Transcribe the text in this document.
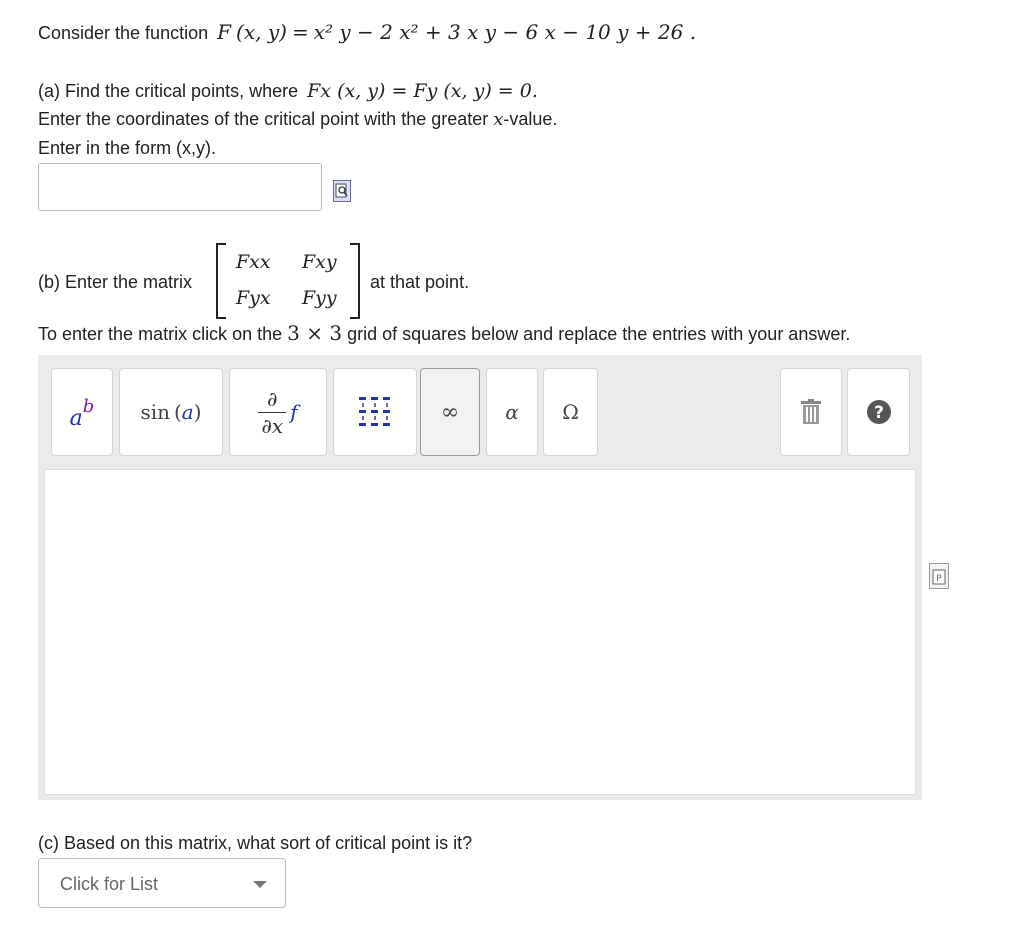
Consider the function F (x, y) = x² y − 2 x² + 3 x y − 6 x − 10 y + 26 .
(a) Find the critical points, where Fx (x, y) = Fy (x, y) = 0.
Enter the coordinates of the critical point with the greater x-value.
Enter in the form (x,y).
(b) Enter the matrix
Fxx Fxy
Fyx Fyy
at that point.
To enter the matrix click on the 3 × 3 grid of squares below and replace the entries with your answer.
a b sin ( a )
∂
∂x
f	∞ α Ω	?
P
(c) Based on this matrix, what sort of critical point is it?
Click for List
